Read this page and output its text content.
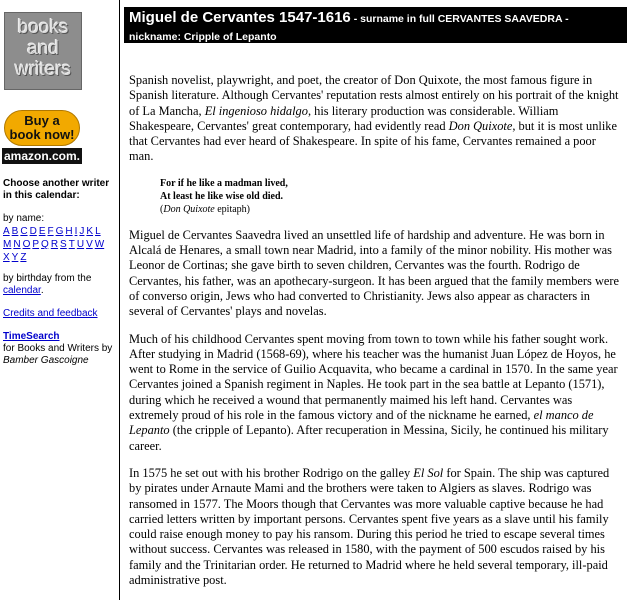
books
and
writers
Buy a
book now!
amazon.com.
Choose another writer in this calendar:
by name:
A B C D E F G H I J K L
M N O P Q R S T U V W
X Y Z
by birthday from the calendar.
Credits and feedback
TimeSearch
for Books and Writers by Bamber Gascoigne
Miguel de Cervantes 1547-1616 - surname in full CERVANTES SAAVEDRA - nickname: Cripple of Lepanto

Spanish novelist, playwright, and poet, the creator of Don Quixote, the most famous figure in Spanish literature. Although Cervantes' reputation rests almost entirely on his portrait of the knight of La Mancha, El ingenioso hidalgo, his literary production was considerable. William Shakespeare, Cervantes' great contemporary, had evidently read Don Quixote, but it is most unlike that Cervantes had ever heard of Shakespeare. In spite of his fame, Cervantes remained a poor man.

For if he like a madman lived,
At least he like wise old died.
(Don Quixote epitaph)

Miguel de Cervantes Saavedra lived an unsettled life of hardship and adventure. He was born in Alcalá de Henares, a small town near Madrid, into a family of the minor nobility. His mother was Leonor de Cortinas; she gave birth to seven children, Cervantes was the fourth. Rodrigo de Cervantes, his father, was an apothecary-surgeon. It has been argued that the family members were of converso origin, Jews who had converted to Christianity. Jews also appear as characters in several of Cervantes' plays and novelas.

Much of his childhood Cervantes spent moving from town to town while his father sought work. After studying in Madrid (1568-69), where his teacher was the humanist Juan López de Hoyos, he went to Rome in the service of Guilio Acquavita, who became a cardinal in 1570. In the same year Cervantes joined a Spanish regiment in Naples. He took part in the sea battle at Lepanto (1571), during which he received a wound that permanently maimed his left hand. Cervantes was extremely proud of his role in the famous victory and of the nickname he earned, el manco de Lepanto (the cripple of Lepanto). After recuperation in Messina, Sicily, he continued his military career.

In 1575 he set out with his brother Rodrigo on the galley El Sol for Spain. The ship was captured by pirates under Arnaute Mami and the brothers were taken to Algiers as slaves. Rodrigo was ransomed in 1577. The Moors though that Cervantes was more valuable captive because he had carried letters written by important persons. Cervantes spent five years as a slave until his family could raise enough money to pay his ransom. During this period he tried to escape several times without success. Cervantes was released in 1580, with the payment of 500 escudos raised by his family and the Trinitarian order. He returned to Madrid where he held several temporary, ill-paid administrative post.
